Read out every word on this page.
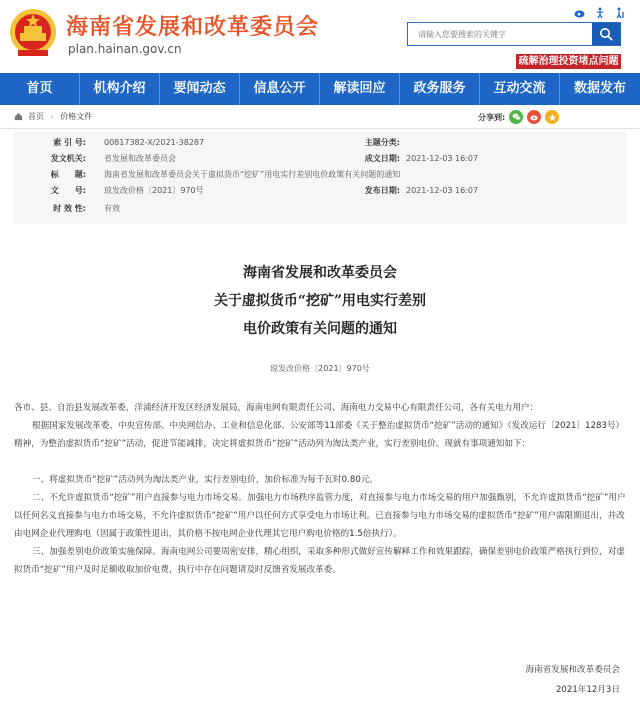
海南省发展和改革委员会
plan.hainan.gov.cn
请输入您要搜索的关键字
疏解治理投资堵点问题
首页	机构介绍	要闻动态	信息公开	解读回应	政务服务	互动交流	数据发布
首页 › 价格文件	分享到:
索 引 号: 00817382-X/2021-38287	主题分类:
发文机关: 省发展和改革委员会	成文日期: 2021-12-03 16:07
标　　题: 海南省发展和改革委员会关于虚拟货币“挖矿”用电实行差别电价政策有关问题的通知
文　　号: 琼发改价格〔2021〕970号	发布日期: 2021-12-03 16:07
时 效 性: 有效
海南省发展和改革委员会
关于虚拟货币“挖矿”用电实行差别
电价政策有关问题的通知
琼发改价格〔2021〕970号
各市、县、自治县发展改革委，洋浦经济开发区经济发展局，海南电网有限责任公司、海南电力交易中心有限责任公司，各有关电力用户：
根据国家发展改革委、中央宣传部、中央网信办、工业和信息化部、公安部等11部委《关于整治虚拟货币“挖矿”活动的通知》（发改运行〔2021〕1283号）精神，为整治虚拟货币“挖矿”活动，促进节能减排，决定将虚拟货币“挖矿”活动列为淘汰类产业，实行差别电价。现就有事项通知如下：
一、将虚拟货币“挖矿”活动列为淘汰类产业，实行差别电价，加价标准为每千瓦时0.80元。
二、不允许虚拟货币“挖矿”用户直接参与电力市场交易。加强电力市场秩序监管力度，对直接参与电力市场交易的用户加强甄别，不允许虚拟货币“挖矿”用户以任何名义直接参与电力市场交易，不允许虚拟货币“挖矿”用户以任何方式享受电力市场让利。已直接参与电力市场交易的虚拟货币“挖矿”用户需限期退出，并改由电网企业代理购电（因属于政策性退出，其价格不按电网企业代理其它用户购电价格的1.5倍执行）。
三、加强差别电价政策实施保障。海南电网公司要周密安排，精心组织，采取多种形式做好宣传解释工作和效果跟踪，确保差别电价政策严格执行到位，对虚拟货币“挖矿”用户及时足额收取加价电费，执行中存在问题请及时反馈省发展改革委。
海南省发展和改革委员会
2021年12月3日
